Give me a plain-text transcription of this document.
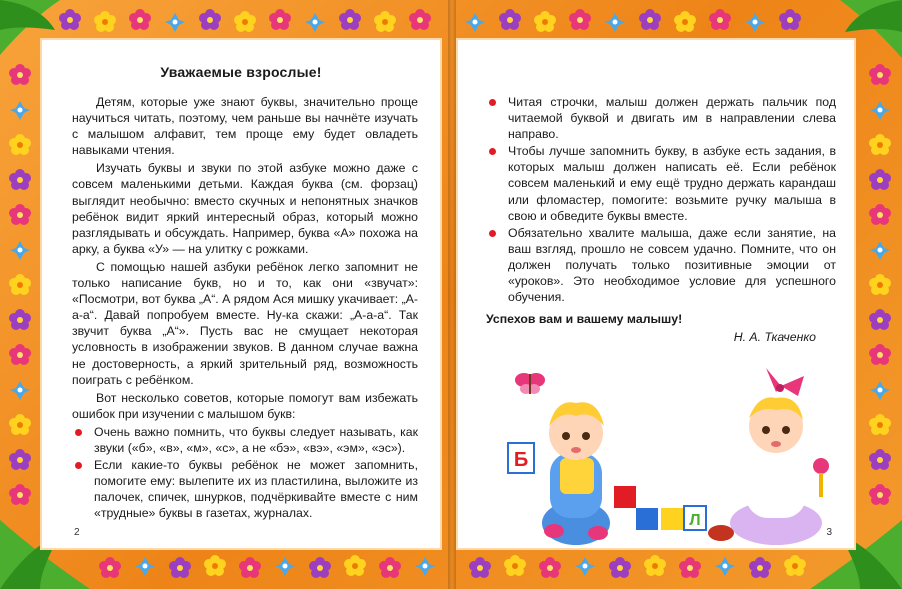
Уважаемые взрослые!

Детям, которые уже знают буквы, значительно проще научиться читать, поэтому, чем раньше вы начнёте изучать с малышом алфавит, тем проще ему будет овладеть навыками чтения.

Изучать буквы и звуки по этой азбуке можно даже с совсем маленькими детьми. Каждая буква (см. форзац) выглядит необычно: вместо скучных и непонятных значков ребёнок видит яркий интересный образ, который можно разглядывать и обсуждать. Например, буква «А» похожа на арку, а буква «У» — на улитку с рожками.

С помощью нашей азбуки ребёнок легко запомнит не только написание букв, но и то, как они «звучат»: «Посмотри, вот буква „А“. А рядом Ася мишку укачивает: „А-а-а“. Давай попробуем вместе. Ну-ка скажи: „А-а-а“. Так звучит буква „А“». Пусть вас не смущает некоторая условность в изображении звуков. В данном случае важна не достоверность, а яркий зрительный ряд, возможность поиграть с ребёнком.

Вот несколько советов, которые помогут вам избежать ошибок при изучении с малышом букв:

Очень важно помнить, что буквы следует называть, как звуки («б», «в», «м», «с», а не «бэ», «вэ», «эм», «эс»).
Если какие-то буквы ребёнок не может запомнить, помогите ему: вылепите их из пластилина, выложите из палочек, спичек, шнурков, подчёркивайте вместе с ним «трудные» буквы в газетах, журналах.
2
Читая строчки, малыш должен держать пальчик под читаемой буквой и двигать им в направлении слева направо.
Чтобы лучше запомнить букву, в азбуке есть задания, в которых малыш должен написать её. Если ребёнок совсем маленький и ему ещё трудно держать карандаш или фломастер, помогите: возьмите ручку малыша в свою и обведите буквы вместе.
Обязательно хвалите малыша, даже если занятие, на ваш взгляд, прошло не совсем удачно. Помните, что он должен получать только позитивные эмоции от «уроков». Это необходимое условие для успешного обучения.

Успехов вам и вашему малышу!

Н. А. Ткаченко

Б
Л
3
